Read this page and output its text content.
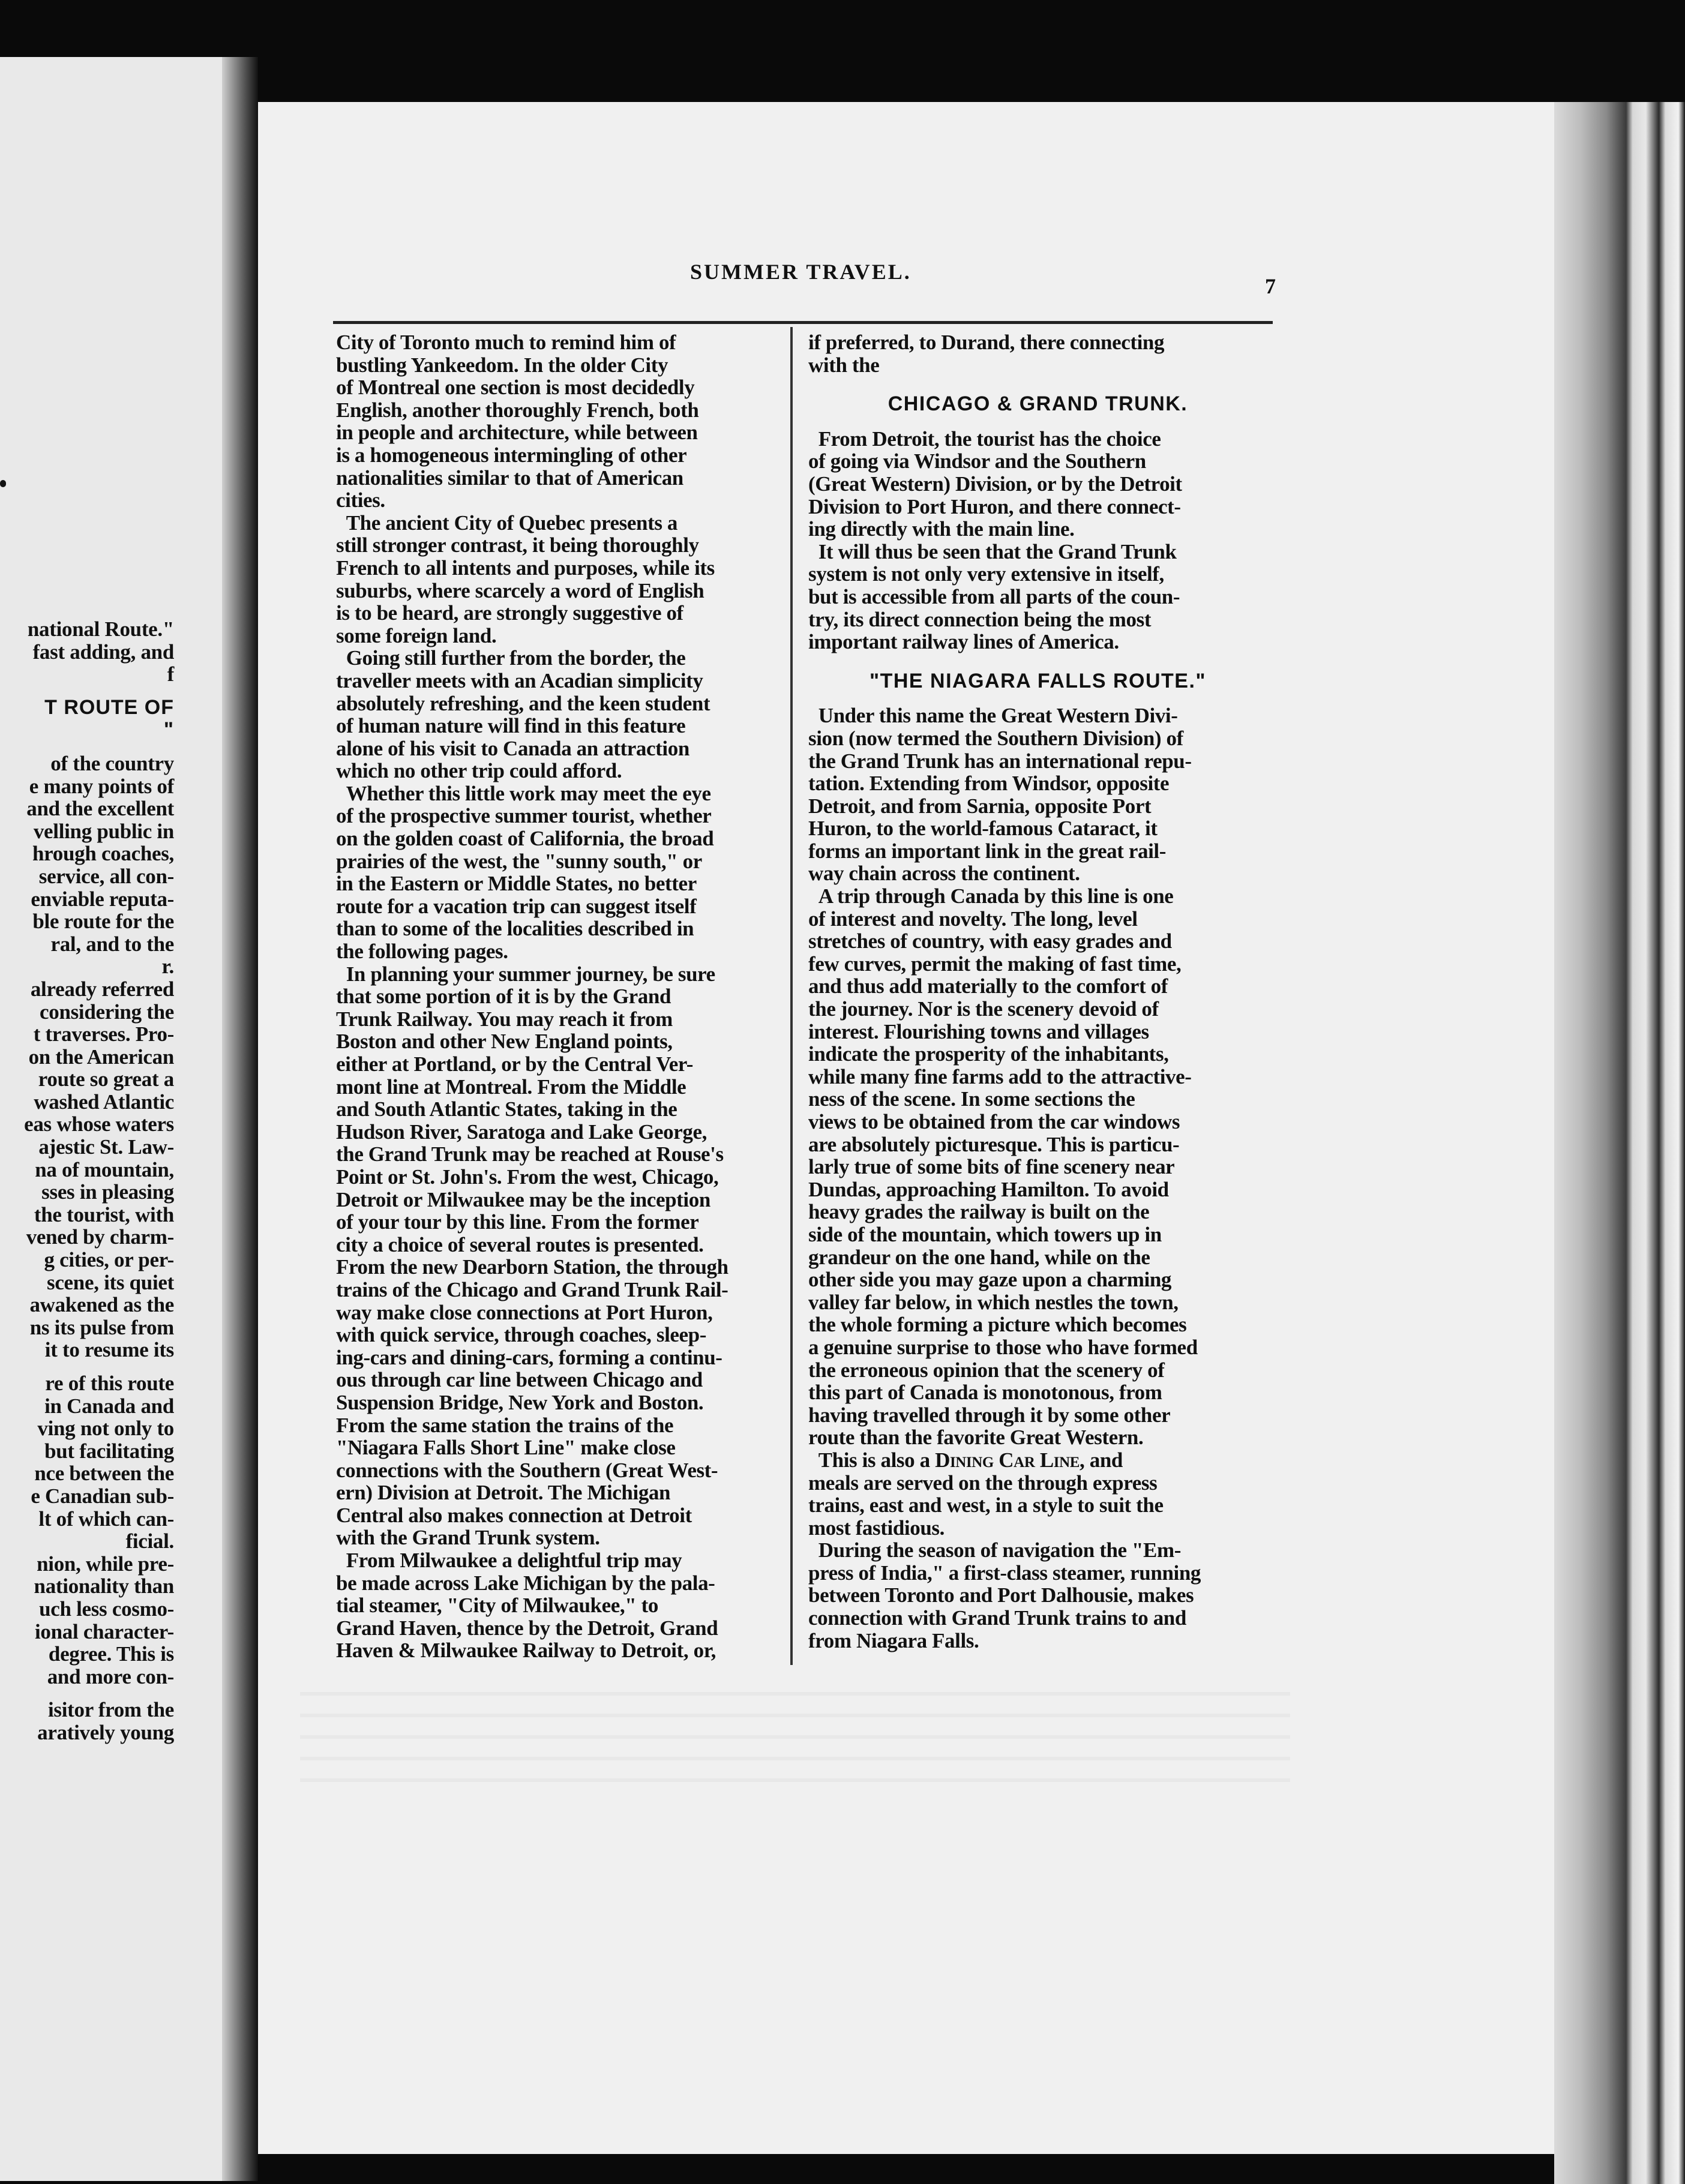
national Route."
fast adding, and
f
T ROUTE OF
"
of the country
e many points of
and the excellent
velling public in
hrough coaches,
service, all con-
enviable reputa-
ble route for the
ral, and to the
r.
already referred
considering the
t traverses. Pro-
on the American
route so great a
washed Atlantic
eas whose waters
ajestic St. Law-
na of mountain,
sses in pleasing
the tourist, with
vened by charm-
g cities, or per-
scene, its quiet
awakened as the
ns its pulse from
it to resume its
re of this route
in Canada and
ving not only to
but facilitating
nce between the
e Canadian sub-
lt of which can-
ficial.
nion, while pre-
nationality than
uch less cosmo-
ional character-
degree. This is
and more con-
isitor from the
aratively young
SUMMER TRAVEL.
7
City of Toronto much to remind him of
bustling Yankeedom. In the older City
of Montreal one section is most decidedly
English, another thoroughly French, both
in people and architecture, while between
is a homogeneous intermingling of other
nationalities similar to that of American
cities.
The ancient City of Quebec presents a
still stronger contrast, it being thoroughly
French to all intents and purposes, while its
suburbs, where scarcely a word of English
is to be heard, are strongly suggestive of
some foreign land.
Going still further from the border, the
traveller meets with an Acadian simplicity
absolutely refreshing, and the keen student
of human nature will find in this feature
alone of his visit to Canada an attraction
which no other trip could afford.
Whether this little work may meet the eye
of the prospective summer tourist, whether
on the golden coast of California, the broad
prairies of the west, the "sunny south," or
in the Eastern or Middle States, no better
route for a vacation trip can suggest itself
than to some of the localities described in
the following pages.
In planning your summer journey, be sure
that some portion of it is by the Grand
Trunk Railway. You may reach it from
Boston and other New England points,
either at Portland, or by the Central Ver-
mont line at Montreal. From the Middle
and South Atlantic States, taking in the
Hudson River, Saratoga and Lake George,
the Grand Trunk may be reached at Rouse's
Point or St. John's. From the west, Chicago,
Detroit or Milwaukee may be the inception
of your tour by this line. From the former
city a choice of several routes is presented.
From the new Dearborn Station, the through
trains of the Chicago and Grand Trunk Rail-
way make close connections at Port Huron,
with quick service, through coaches, sleep-
ing-cars and dining-cars, forming a continu-
ous through car line between Chicago and
Suspension Bridge, New York and Boston.
From the same station the trains of the
"Niagara Falls Short Line" make close
connections with the Southern (Great West-
ern) Division at Detroit. The Michigan
Central also makes connection at Detroit
with the Grand Trunk system.
From Milwaukee a delightful trip may
be made across Lake Michigan by the pala-
tial steamer, "City of Milwaukee," to
Grand Haven, thence by the Detroit, Grand
Haven & Milwaukee Railway to Detroit, or,
if preferred, to Durand, there connecting
with the
CHICAGO & GRAND TRUNK.
From Detroit, the tourist has the choice
of going via Windsor and the Southern
(Great Western) Division, or by the Detroit
Division to Port Huron, and there connect-
ing directly with the main line.
It will thus be seen that the Grand Trunk
system is not only very extensive in itself,
but is accessible from all parts of the coun-
try, its direct connection being the most
important railway lines of America.
"THE NIAGARA FALLS ROUTE."
Under this name the Great Western Divi-
sion (now termed the Southern Division) of
the Grand Trunk has an international repu-
tation. Extending from Windsor, opposite
Detroit, and from Sarnia, opposite Port
Huron, to the world-famous Cataract, it
forms an important link in the great rail-
way chain across the continent.
A trip through Canada by this line is one
of interest and novelty. The long, level
stretches of country, with easy grades and
few curves, permit the making of fast time,
and thus add materially to the comfort of
the journey. Nor is the scenery devoid of
interest. Flourishing towns and villages
indicate the prosperity of the inhabitants,
while many fine farms add to the attractive-
ness of the scene. In some sections the
views to be obtained from the car windows
are absolutely picturesque. This is particu-
larly true of some bits of fine scenery near
Dundas, approaching Hamilton. To avoid
heavy grades the railway is built on the
side of the mountain, which towers up in
grandeur on the one hand, while on the
other side you may gaze upon a charming
valley far below, in which nestles the town,
the whole forming a picture which becomes
a genuine surprise to those who have formed
the erroneous opinion that the scenery of
this part of Canada is monotonous, from
having travelled through it by some other
route than the favorite Great Western.
This is also a Dining Car Line, and
meals are served on the through express
trains, east and west, in a style to suit the
most fastidious.
During the season of navigation the "Em-
press of India," a first-class steamer, running
between Toronto and Port Dalhousie, makes
connection with Grand Trunk trains to and
from Niagara Falls.
